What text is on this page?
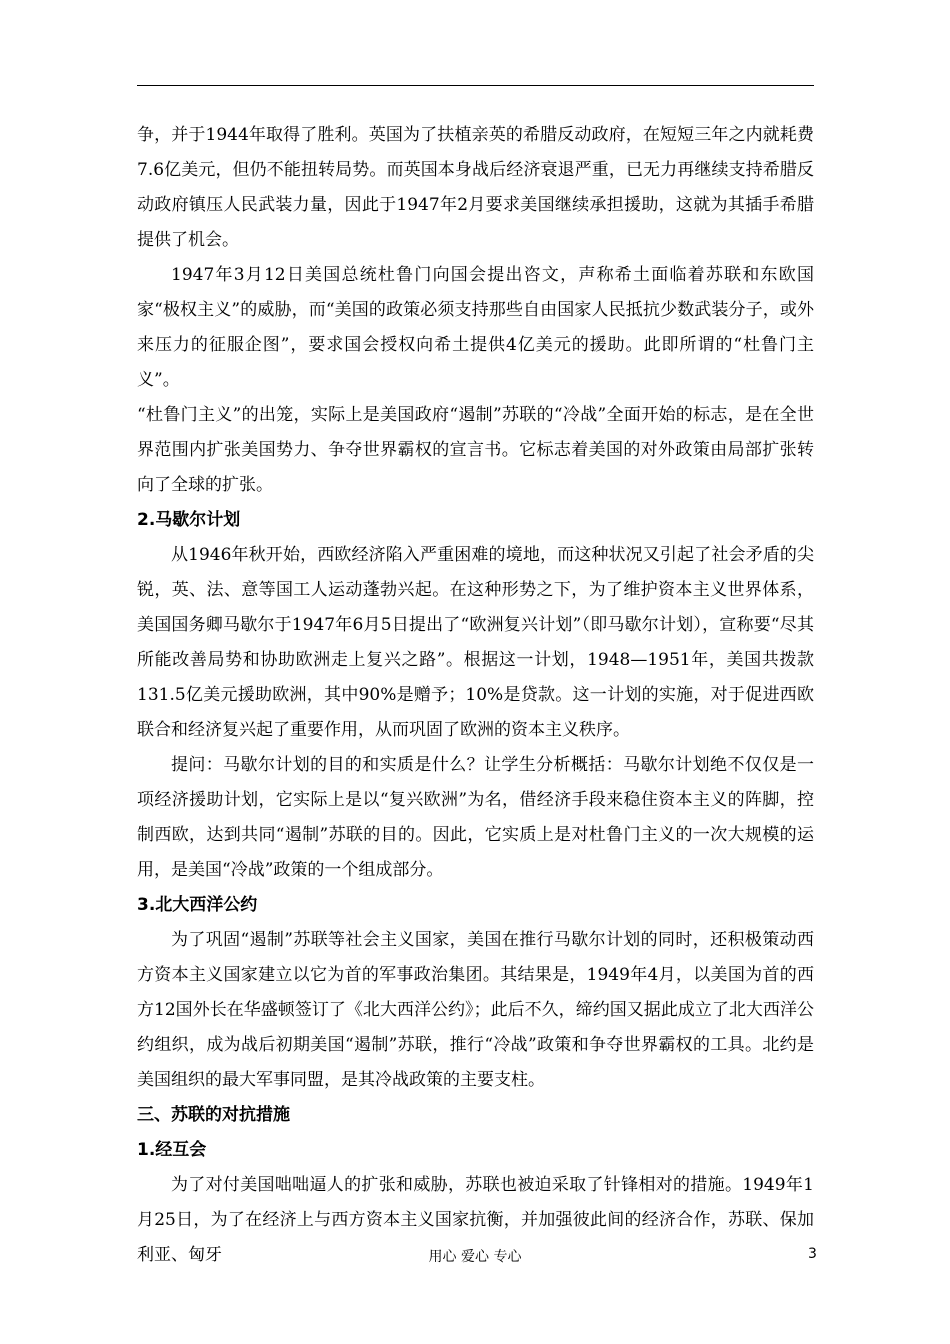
争，并于1944年取得了胜利。英国为了扶植亲英的希腊反动政府，在短短三年之内就耗费7.6亿美元，但仍不能扭转局势。而英国本身战后经济衰退严重，已无力再继续支持希腊反动政府镇压人民武装力量，因此于1947年2月要求美国继续承担援助，这就为其插手希腊提供了机会。

1947年3月12日美国总统杜鲁门向国会提出咨文，声称希土面临着苏联和东欧国家“极权主义”的威胁，而“美国的政策必须支持那些自由国家人民抵抗少数武装分子，或外来压力的征服企图”，要求国会授权向希土提供4亿美元的援助。此即所谓的“杜鲁门主义”。

“杜鲁门主义”的出笼，实际上是美国政府“遏制”苏联的“冷战”全面开始的标志，是在全世界范围内扩张美国势力、争夺世界霸权的宣言书。它标志着美国的对外政策由局部扩张转向了全球的扩张。

2.马歇尔计划

从1946年秋开始，西欧经济陷入严重困难的境地，而这种状况又引起了社会矛盾的尖锐，英、法、意等国工人运动蓬勃兴起。在这种形势之下，为了维护资本主义世界体系，美国国务卿马歇尔于1947年6月5日提出了“欧洲复兴计划”（即马歇尔计划），宣称要“尽其所能改善局势和协助欧洲走上复兴之路”。根据这一计划，1948—1951年，美国共拨款131.5亿美元援助欧洲，其中90%是赠予；10%是贷款。这一计划的实施，对于促进西欧联合和经济复兴起了重要作用，从而巩固了欧洲的资本主义秩序。

提问：马歇尔计划的目的和实质是什么？让学生分析概括：马歇尔计划绝不仅仅是一项经济援助计划，它实际上是以“复兴欧洲”为名，借经济手段来稳住资本主义的阵脚，控制西欧，达到共同“遏制”苏联的目的。因此，它实质上是对杜鲁门主义的一次大规模的运用，是美国“冷战”政策的一个组成部分。

3.北大西洋公约

为了巩固“遏制”苏联等社会主义国家，美国在推行马歇尔计划的同时，还积极策动西方资本主义国家建立以它为首的军事政治集团。其结果是，1949年4月，以美国为首的西方12国外长在华盛顿签订了《北大西洋公约》；此后不久，缔约国又据此成立了北大西洋公约组织，成为战后初期美国“遏制”苏联，推行“冷战”政策和争夺世界霸权的工具。北约是美国组织的最大军事同盟，是其冷战政策的主要支柱。

三、苏联的对抗措施

1.经互会

为了对付美国咄咄逼人的扩张和威胁，苏联也被迫采取了针锋相对的措施。1949年1月25日，为了在经济上与西方资本主义国家抗衡，并加强彼此间的经济合作，苏联、保加利亚、匈牙	用心 爱心 专心	3
